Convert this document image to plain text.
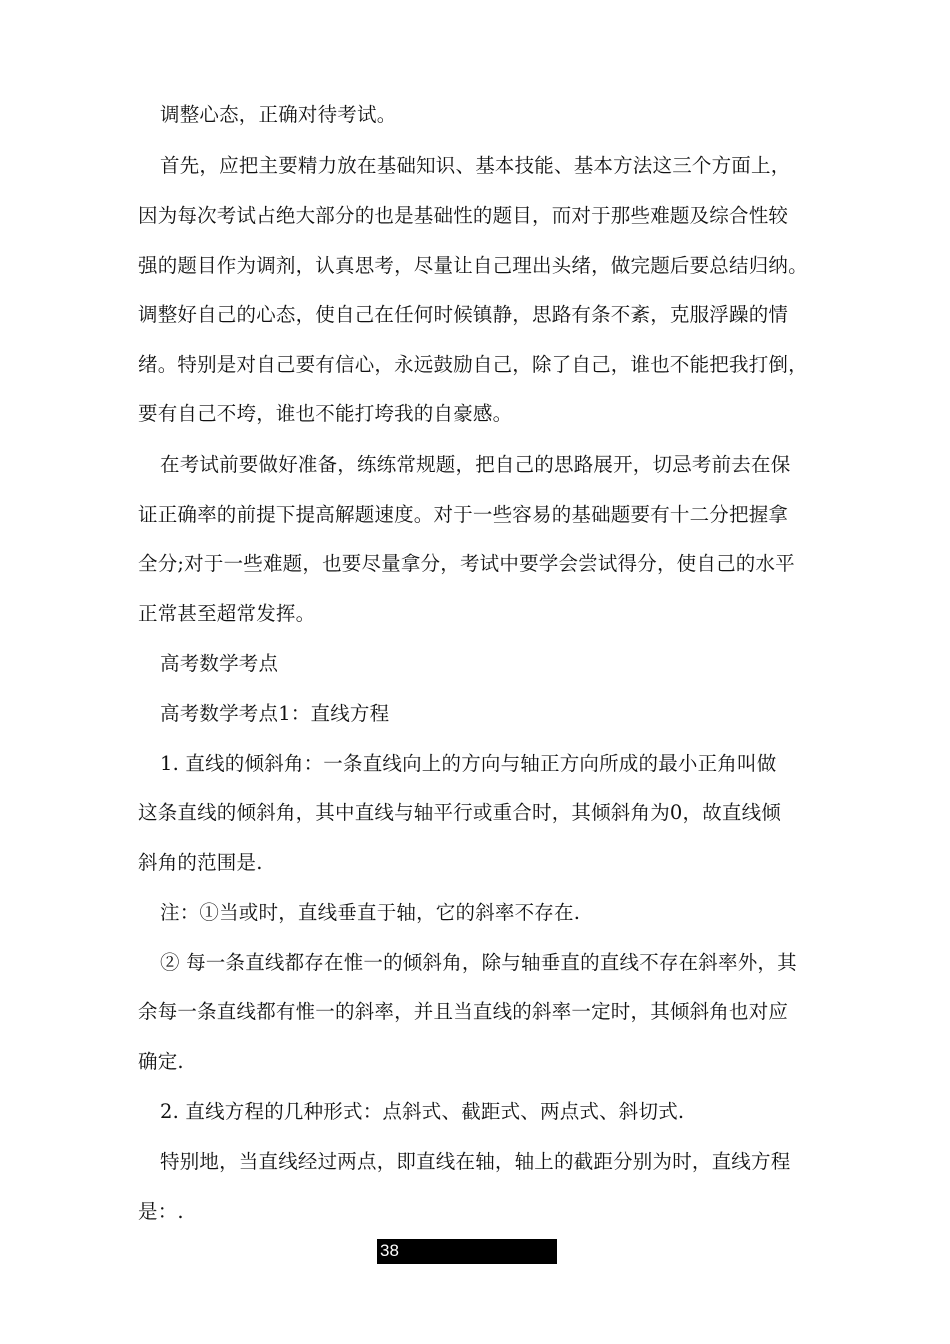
调整心态，正确对待考试。
首先，应把主要精力放在基础知识、基本技能、基本方法这三个方面上，
因为每次考试占绝大部分的也是基础性的题目，而对于那些难题及综合性较
强的题目作为调剂，认真思考，尽量让自己理出头绪，做完题后要总结归纳。
调整好自己的心态，使自己在任何时候镇静，思路有条不紊，克服浮躁的情
绪。特别是对自己要有信心，永远鼓励自己，除了自己，谁也不能把我打倒，
要有自己不垮，谁也不能打垮我的自豪感。
在考试前要做好准备，练练常规题，把自己的思路展开，切忌考前去在保
证正确率的前提下提高解题速度。对于一些容易的基础题要有十二分把握拿
全分;对于一些难题，也要尽量拿分，考试中要学会尝试得分，使自己的水平
正常甚至超常发挥。
高考数学考点
高考数学考点1：直线方程
1. 直线的倾斜角：一条直线向上的方向与轴正方向所成的最小正角叫做
这条直线的倾斜角，其中直线与轴平行或重合时，其倾斜角为0，故直线倾
斜角的范围是.
注：①当或时，直线垂直于轴，它的斜率不存在.
② 每一条直线都存在惟一的倾斜角，除与轴垂直的直线不存在斜率外，其
余每一条直线都有惟一的斜率，并且当直线的斜率一定时，其倾斜角也对应
确定.
2. 直线方程的几种形式：点斜式、截距式、两点式、斜切式.
特别地，当直线经过两点，即直线在轴，轴上的截距分别为时，直线方程
是：.
38
